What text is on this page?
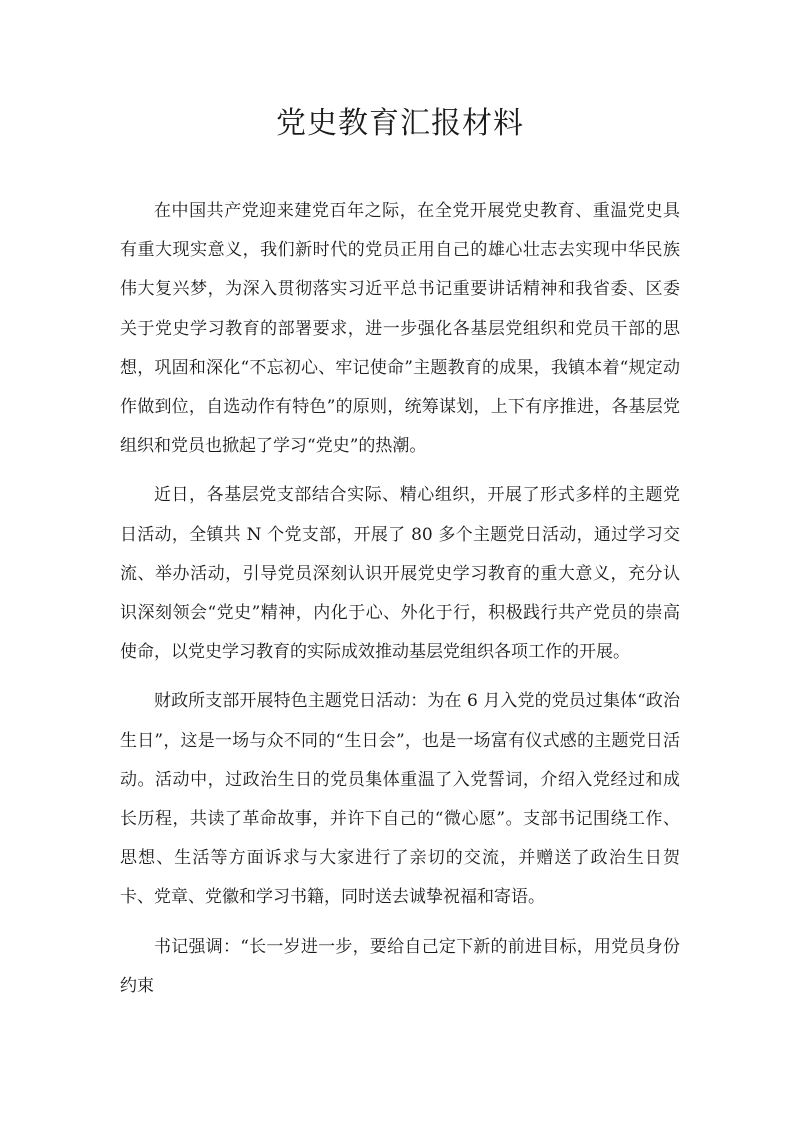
党史教育汇报材料

在中国共产党迎来建党百年之际，在全党开展党史教育、重温党史具有重大现实意义，我们新时代的党员正用自己的雄心壮志去实现中华民族伟大复兴梦，为深入贯彻落实习近平总书记重要讲话精神和我省委、区委关于党史学习教育的部署要求，进一步强化各基层党组织和党员干部的思想，巩固和深化“不忘初心、牢记使命”主题教育的成果，我镇本着“规定动作做到位，自选动作有特色”的原则，统筹谋划，上下有序推进，各基层党组织和党员也掀起了学习“党史”的热潮。

近日，各基层党支部结合实际、精心组织，开展了形式多样的主题党日活动，全镇共 N 个党支部，开展了 80 多个主题党日活动，通过学习交流、举办活动，引导党员深刻认识开展党史学习教育的重大意义，充分认识深刻领会“党史”精神，内化于心、外化于行，积极践行共产党员的崇高使命，以党史学习教育的实际成效推动基层党组织各项工作的开展。

财政所支部开展特色主题党日活动：为在 6 月入党的党员过集体“政治生日”，这是一场与众不同的“生日会”，也是一场富有仪式感的主题党日活动。活动中，过政治生日的党员集体重温了入党誓词，介绍入党经过和成长历程，共读了革命故事，并许下自己的“微心愿”。支部书记围绕工作、思想、生活等方面诉求与大家进行了亲切的交流，并赠送了政治生日贺卡、党章、党徽和学习书籍，同时送去诚挚祝福和寄语。

书记强调：“长一岁进一步，要给自己定下新的前进目标，用党员身份约束
